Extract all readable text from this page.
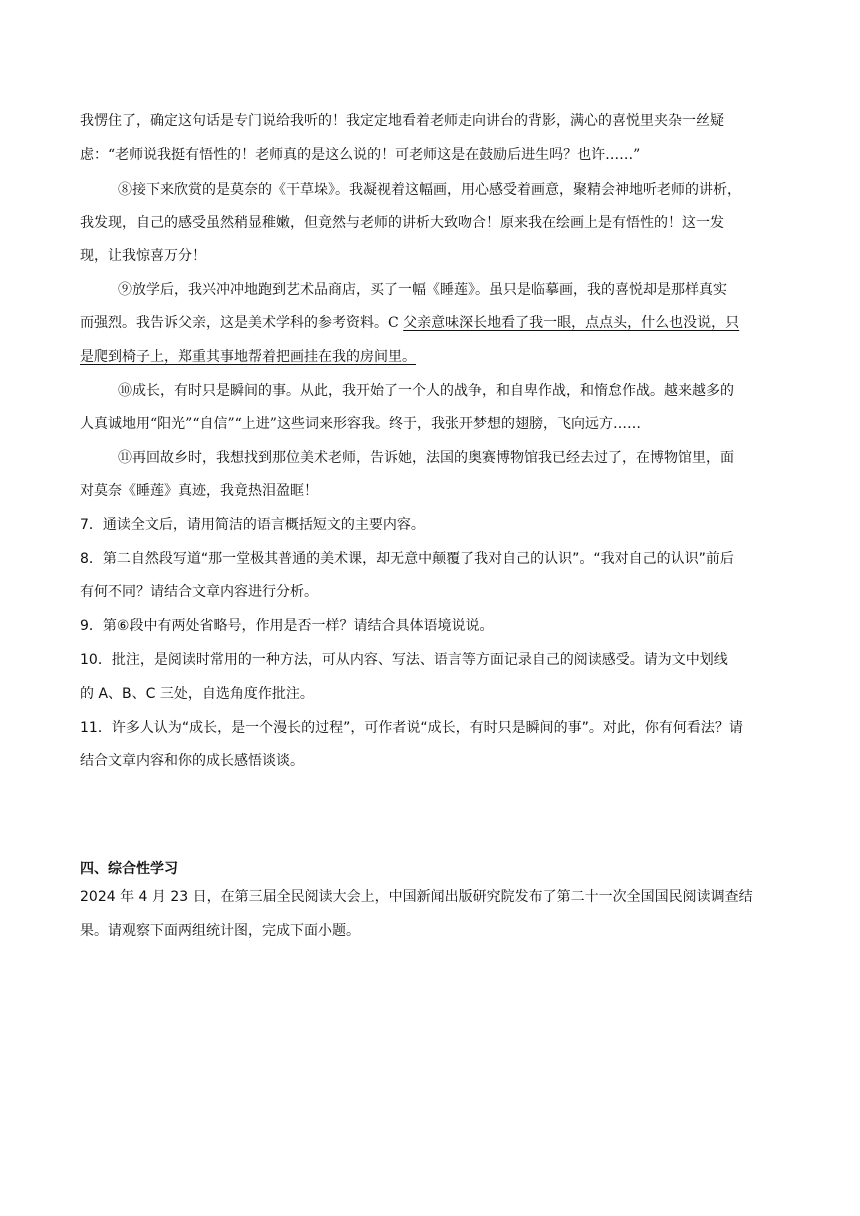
我愣住了，确定这句话是专门说给我听的！我定定地看着老师走向讲台的背影，满心的喜悦里夹杂一丝疑
虑：“老师说我挺有悟性的！老师真的是这么说的！可老师这是在鼓励后进生吗？也许……”
⑧接下来欣赏的是莫奈的《干草垛》。我凝视着这幅画，用心感受着画意，聚精会神地听老师的讲析，
我发现，自己的感受虽然稍显稚嫩，但竟然与老师的讲析大致吻合！原来我在绘画上是有悟性的！这一发
现，让我惊喜万分！
⑨放学后，我兴冲冲地跑到艺术品商店，买了一幅《睡莲》。虽只是临摹画，我的喜悦却是那样真实
而强烈。我告诉父亲，这是美术学科的参考资料。C 父亲意味深长地看了我一眼，点点头，什么也没说，只
是爬到椅子上，郑重其事地帮着把画挂在我的房间里。
⑩成长，有时只是瞬间的事。从此，我开始了一个人的战争，和自卑作战，和惰怠作战。越来越多的
人真诚地用“阳光”“自信”“上进”这些词来形容我。终于，我张开梦想的翅膀，飞向远方……
⑪再回故乡时，我想找到那位美术老师，告诉她，法国的奥赛博物馆我已经去过了，在博物馆里，面
对莫奈《睡莲》真迹，我竟热泪盈眶！
7．通读全文后，请用简洁的语言概括短文的主要内容。
8．第二自然段写道“那一堂极其普通的美术课，却无意中颠覆了我对自己的认识”。“我对自己的认识”前后
有何不同？请结合文章内容进行分析。
9．第⑥段中有两处省略号，作用是否一样？请结合具体语境说说。
10．批注，是阅读时常用的一种方法，可从内容、写法、语言等方面记录自己的阅读感受。请为文中划线
的 A、B、C 三处，自选角度作批注。
11．许多人认为“成长，是一个漫长的过程”，可作者说“成长，有时只是瞬间的事”。对此，你有何看法？请
结合文章内容和你的成长感悟谈谈。
四、综合性学习
2024 年 4 月 23 日，在第三届全民阅读大会上，中国新闻出版研究院发布了第二十一次全国国民阅读调查结
果。请观察下面两组统计图，完成下面小题。
